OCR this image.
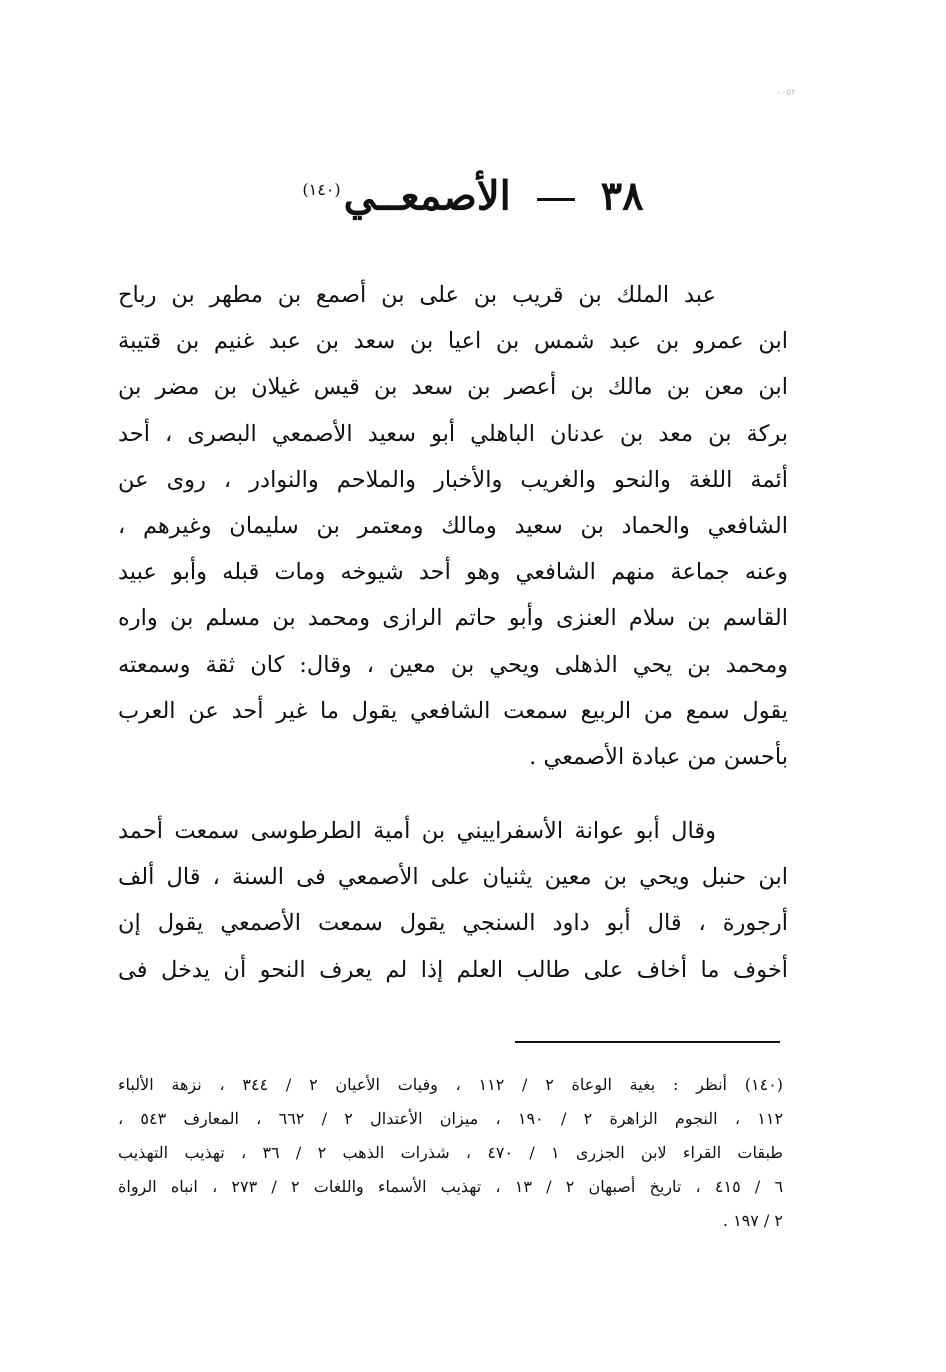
٠٠٥٢
٣٨  الأصمعــي$^{(١٤٠)}$
عبد الملك بن قريب بن على بن أصمع بن مطهر بن رباح
ابن عمرو بن عبد شمس بن اعيا بن سعد بن عبد غنيم بن قتيبة
ابن معن بن مالك بن أعصر بن سعد بن قيس غيلان بن مضر بن
بركة بن معد بن عدنان الباهلي أبو سعيد الأصمعي البصرى ، أحد
أئمة اللغة والنحو والغريب والأخبار والملاحم والنوادر ، روى عن
الشافعي والحماد بن سعيد ومالك ومعتمر بن سليمان وغيرهم ،
وعنه جماعة منهم الشافعي وهو أحد شيوخه ومات قبله وأبو عبيد
القاسم بن سلام العنزى وأبو حاتم الرازى ومحمد بن مسلم بن واره
ومحمد بن يحي الذهلى ويحي بن معين ، وقال: كان ثقة وسمعته
يقول سمع من الربيع سمعت الشافعي يقول ما غير أحد عن العرب
بأحسن من عبادة الأصمعي .
وقال أبو عوانة الأسفراييني بن أمية الطرطوسى سمعت أحمد
ابن حنبل ويحي بن معين يثنيان على الأصمعي فى السنة ، قال ألف
أرجورة ، قال أبو داود السنجي يقول سمعت الأصمعي يقول إن
أخوف ما أخاف على طالب العلم إذا لم يعرف النحو أن يدخل فى
(١٤٠) أنظر : بغية الوعاة ٢ / ١١٢ ، وفيات الأعيان ٢ / ٣٤٤ ، نزهة الألباء
١١٢ ، النجوم الزاهرة ٢ / ١٩٠ ، ميزان الأعتدال ٢ / ٦٦٢ ، المعارف ٥٤٣ ،
طبقات القراء لابن الجزرى ١ / ٤٧٠ ، شذرات الذهب ٢ / ٣٦ ، تهذيب التهذيب
٦ / ٤١٥ ، تاريخ أصبهان ٢ / ١٣ ، تهذيب الأسماء واللغات ٢ / ٢٧٣ ، انباه الرواة
٢ / ١٩٧ .
